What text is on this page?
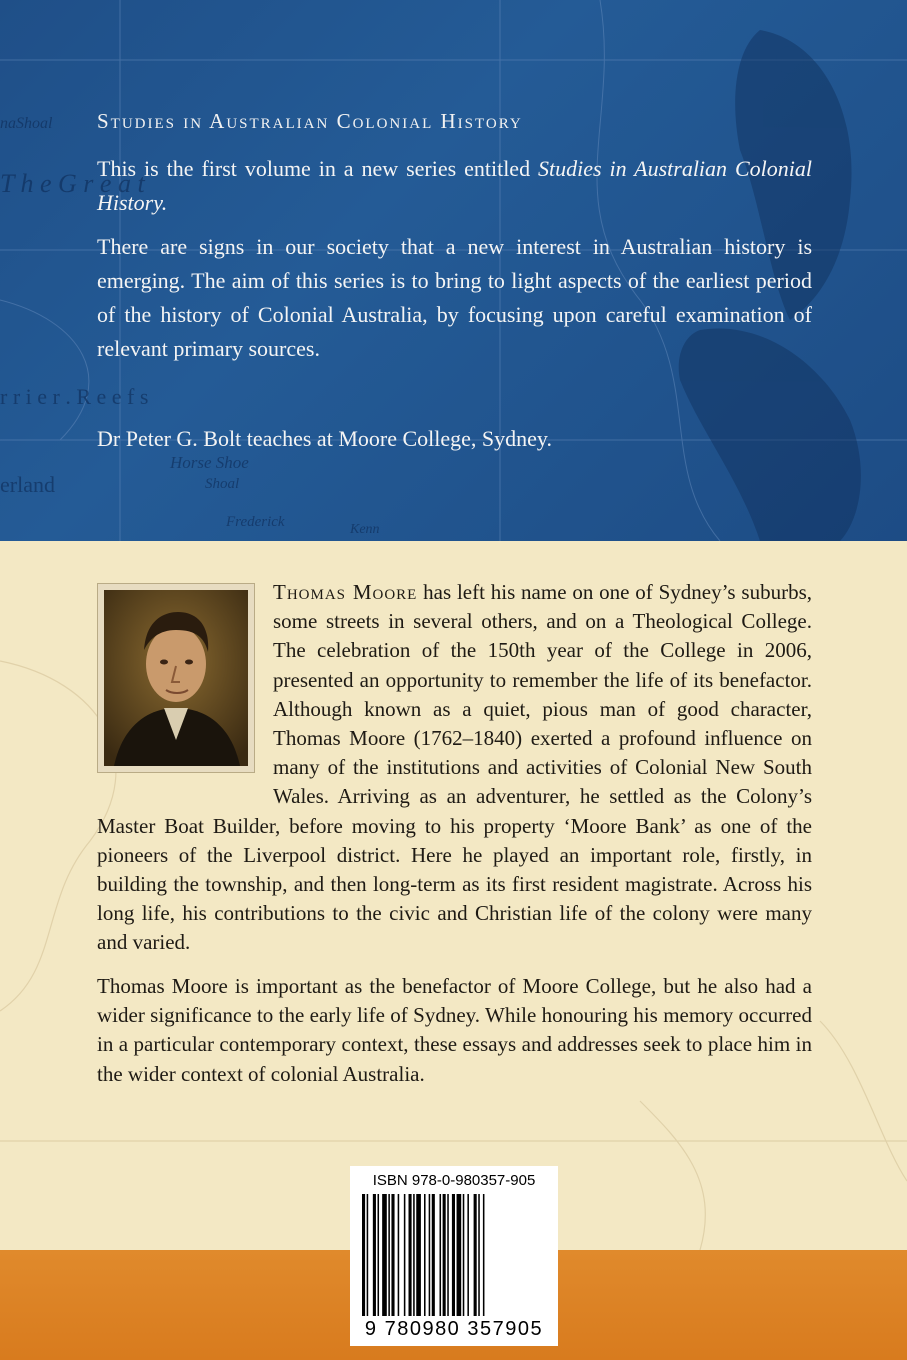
naShoal
T h e G r e a t
r r i e r . R e e f s
Horse Shoe
Shoal
erland
Frederick	Kenn
Studies in Australian Colonial History

This is the first volume in a new series entitled Studies in Australian Colonial History.

There are signs in our society that a new interest in Australian history is emerging. The aim of this series is to bring to light aspects of the earliest period of the history of Colonial Australia, by focusing upon careful examination of relevant primary sources.

Dr Peter G. Bolt teaches at Moore College, Sydney.

Thomas Moore has left his name on one of Sydney’s suburbs, some streets in several others, and on a Theological College. The celebration of the 150th year of the College in 2006, presented an opportunity to remember the life of its benefactor. Although known as a quiet, pious man of good character, Thomas Moore (1762–1840) exerted a profound influence on many of the institutions and activities of Colonial New South Wales. Arriving as an adventurer, he settled as the Colony’s Master Boat Builder, before moving to his property ‘Moore Bank’ as one of the pioneers of the Liverpool district. Here he played an important role, firstly, in building the township, and then long-term as its first resident magistrate. Across his long life, his contributions to the civic and Christian life of the colony were many and varied.

Thomas Moore is important as the benefactor of Moore College, but he also had a wider significance to the early life of Sydney. While honouring his memory occurred in a particular contemporary context, these essays and addresses seek to place him in the wider context of colonial Australia.

ISBN 978-0-980357-905
9 780980 357905
